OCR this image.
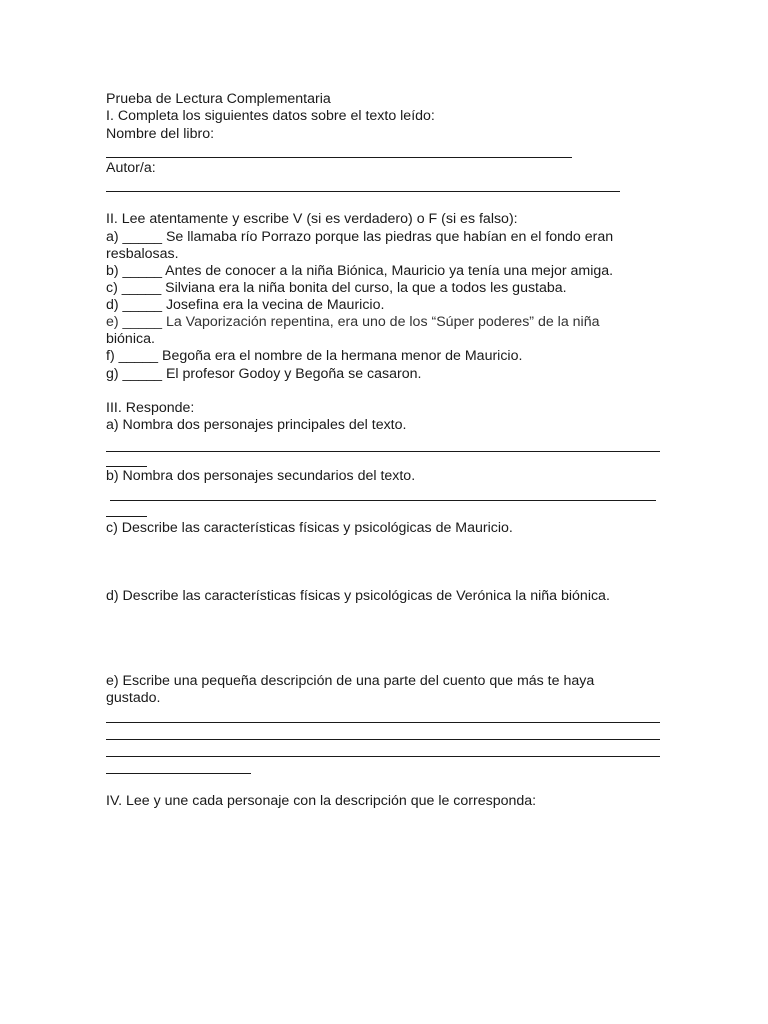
Prueba de Lectura Complementaria
I. Completa los siguientes datos sobre el texto leído:
Nombre del libro:
Autor/a:
II. Lee atentamente y escribe V (si es verdadero) o F (si es falso):
a) _____ Se llamaba río Porrazo porque las piedras que habían en el fondo eran
resbalosas.
b) _____ Antes de conocer a la niña Biónica, Mauricio ya tenía una mejor amiga.
c) _____ Silviana era la niña bonita del curso, la que a todos les gustaba.
d) _____ Josefina era la vecina de Mauricio.
e) _____ La Vaporización repentina, era uno de los “Súper poderes” de la niña
biónica.
f) _____ Begoña era el nombre de la hermana menor de Mauricio.
g) _____ El profesor Godoy y Begoña se casaron.
III. Responde:
a) Nombra dos personajes principales del texto.
b) Nombra dos personajes secundarios del texto.
c) Describe las características físicas y psicológicas de Mauricio.
d) Describe las características físicas y psicológicas de Verónica la niña biónica.
e) Escribe una pequeña descripción de una parte del cuento que más te haya
gustado.
IV. Lee y une cada personaje con la descripción que le corresponda:
